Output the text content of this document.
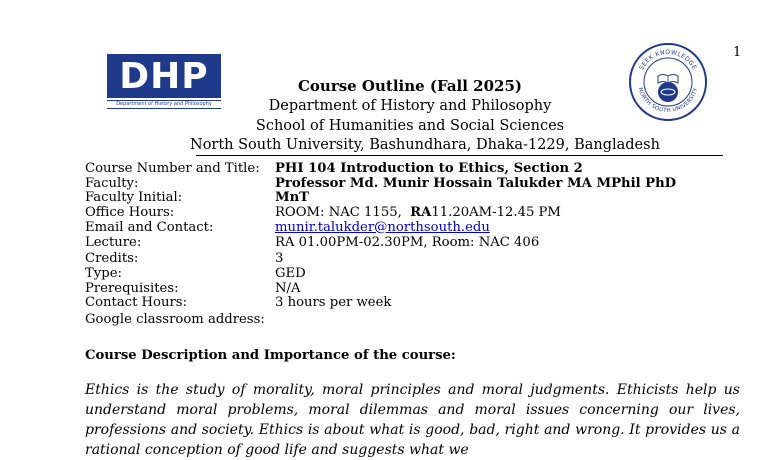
1
DHP
Department of History and Philosophy
SEEK KNOWLEDGE
NORTH SOUTH UNIVERSITY
Course Outline (Fall 2025)
Department of History and Philosophy
School of Humanities and Social Sciences
North South University, Bashundhara, Dhaka-1229, Bangladesh
Course Number and Title:	PHI 104 Introduction to Ethics, Section 2
Faculty:	Professor Md. Munir Hossain Talukder MA MPhil PhD
Faculty Initial:	MnT
Office Hours:	ROOM: NAC 1155,  RA11.20AM-12.45 PM
Email and Contact:	munir.talukder@northsouth.edu
Lecture:	RA 01.00PM-02.30PM, Room: NAC 406
Credits:	3
Type:	GED
Prerequisites:	N/A
Contact Hours:	3 hours per week
Google classroom address:
Course Description and Importance of the course:

Ethics is the study of morality, moral principles and moral judgments. Ethicists help us understand moral problems, moral dilemmas and moral issues concerning our lives, professions and society. Ethics is about what is good, bad, right and wrong. It provides us a rational conception of good life and suggests what we
